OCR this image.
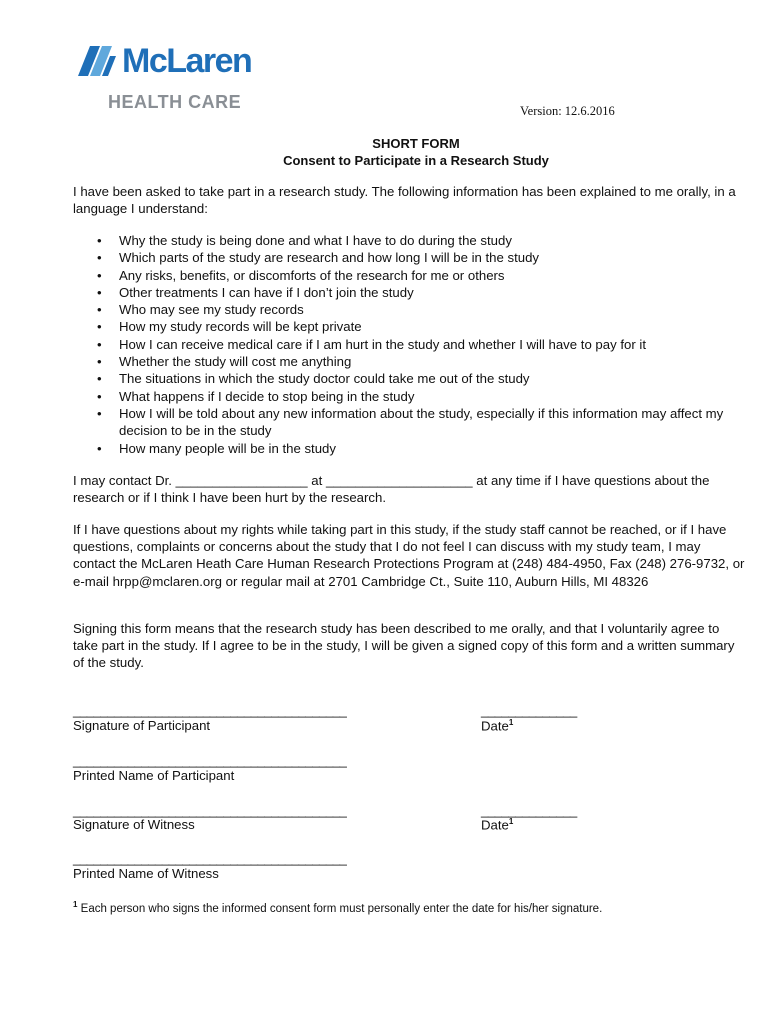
McLaren
HEALTH CARE	Version: 12.6.2016
SHORT FORM
Consent to Participate in a Research Study

I have been asked to take part in a research study. The following information has been explained to me orally, in a language I understand:

• Why the study is being done and what I have to do during the study
• Which parts of the study are research and how long I will be in the study
• Any risks, benefits, or discomforts of the research for me or others
• Other treatments I can have if I don’t join the study
• Who may see my study records
• How my study records will be kept private
• How I can receive medical care if I am hurt in the study and whether I will have to pay for it
• Whether the study will cost me anything
• The situations in which the study doctor could take me out of the study
• What happens if I decide to stop being in the study
• How I will be told about any new information about the study, especially if this information may affect my decision to be in the study
• How many people will be in the study

I may contact Dr. __________________ at ____________________ at any time if I have questions about the research or if I think I have been hurt by the research.

If I have questions about my rights while taking part in this study, if the study staff cannot be reached, or if I have questions, complaints or concerns about the study that I do not feel I can discuss with my study team, I may contact the McLaren Heath Care Human Research Protections Program at (248) 484-4950, Fax (248) 276-9732, or e-mail hrpp@mclaren.org or regular mail at 2701 Cambridge Ct., Suite 110, Auburn Hills, MI 48326

Signing this form means that the research study has been described to me orally, and that I voluntarily agree to take part in the study. If I agree to be in the study, I will be given a signed copy of this form and a written summary of the study.

________________________________________
Signature of Participant
______________
Date$^1$
________________________________________
Printed Name of Participant
________________________________________
Signature of Witness
______________
Date$^1$
________________________________________
Printed Name of Witness
$^1$ Each person who signs the informed consent form must personally enter the date for his/her signature.
